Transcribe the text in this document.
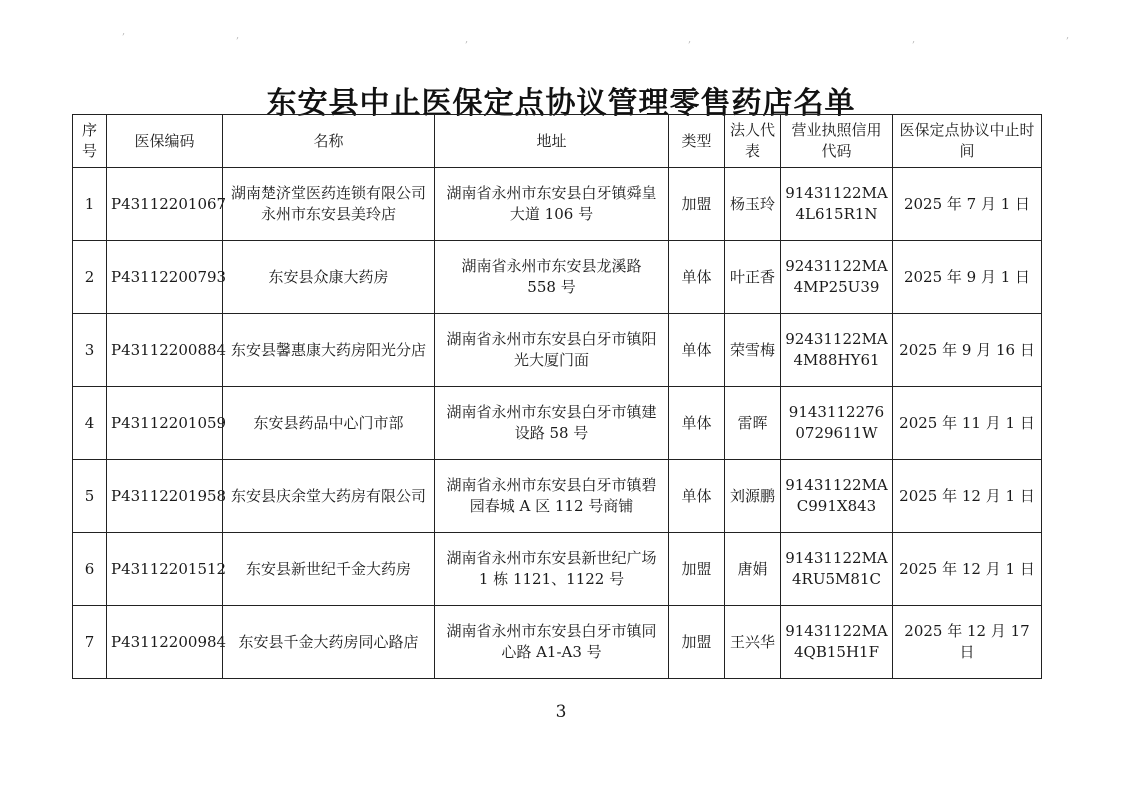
东安县中止医保定点协议管理零售药店名单
序号	医保编码	名称	地址	类型	法人代表	营业执照信用代码	医保定点协议中止时间
1	P43112201067	湖南楚济堂医药连锁有限公司永州市东安县美玲店	湖南省永州市东安县白牙镇舜皇大道 106 号	加盟	杨玉玲	91431122MA4L615R1N	2025 年 7 月 1 日
2	P43112200793	东安县众康大药房	湖南省永州市东安县龙溪路 558 号	单体	叶正香	92431122MA4MP25U39	2025 年 9 月 1 日
3	P43112200884	东安县馨惠康大药房阳光分店	湖南省永州市东安县白牙市镇阳光大厦门面	单体	荣雪梅	92431122MA4M88HY61	2025 年 9 月 16 日
4	P43112201059	东安县药品中心门市部	湖南省永州市东安县白牙市镇建设路 58 号	单体	雷晖	91431122760729611W	2025 年 11 月 1 日
5	P43112201958	东安县庆余堂大药房有限公司	湖南省永州市东安县白牙市镇碧园春城 A 区 112 号商铺	单体	刘源鹏	91431122MAC991X843	2025 年 12 月 1 日
6	P43112201512	东安县新世纪千金大药房	湖南省永州市东安县新世纪广场 1 栋 1121、1122 号	加盟	唐娟	91431122MA4RU5M81C	2025 年 12 月 1 日
7	P43112200984	东安县千金大药房同心路店	湖南省永州市东安县白牙市镇同心路 A1-A3 号	加盟	王兴华	91431122MA4QB15H1F	2025 年 12 月 17 日
3
,	,	,	,	,	,
